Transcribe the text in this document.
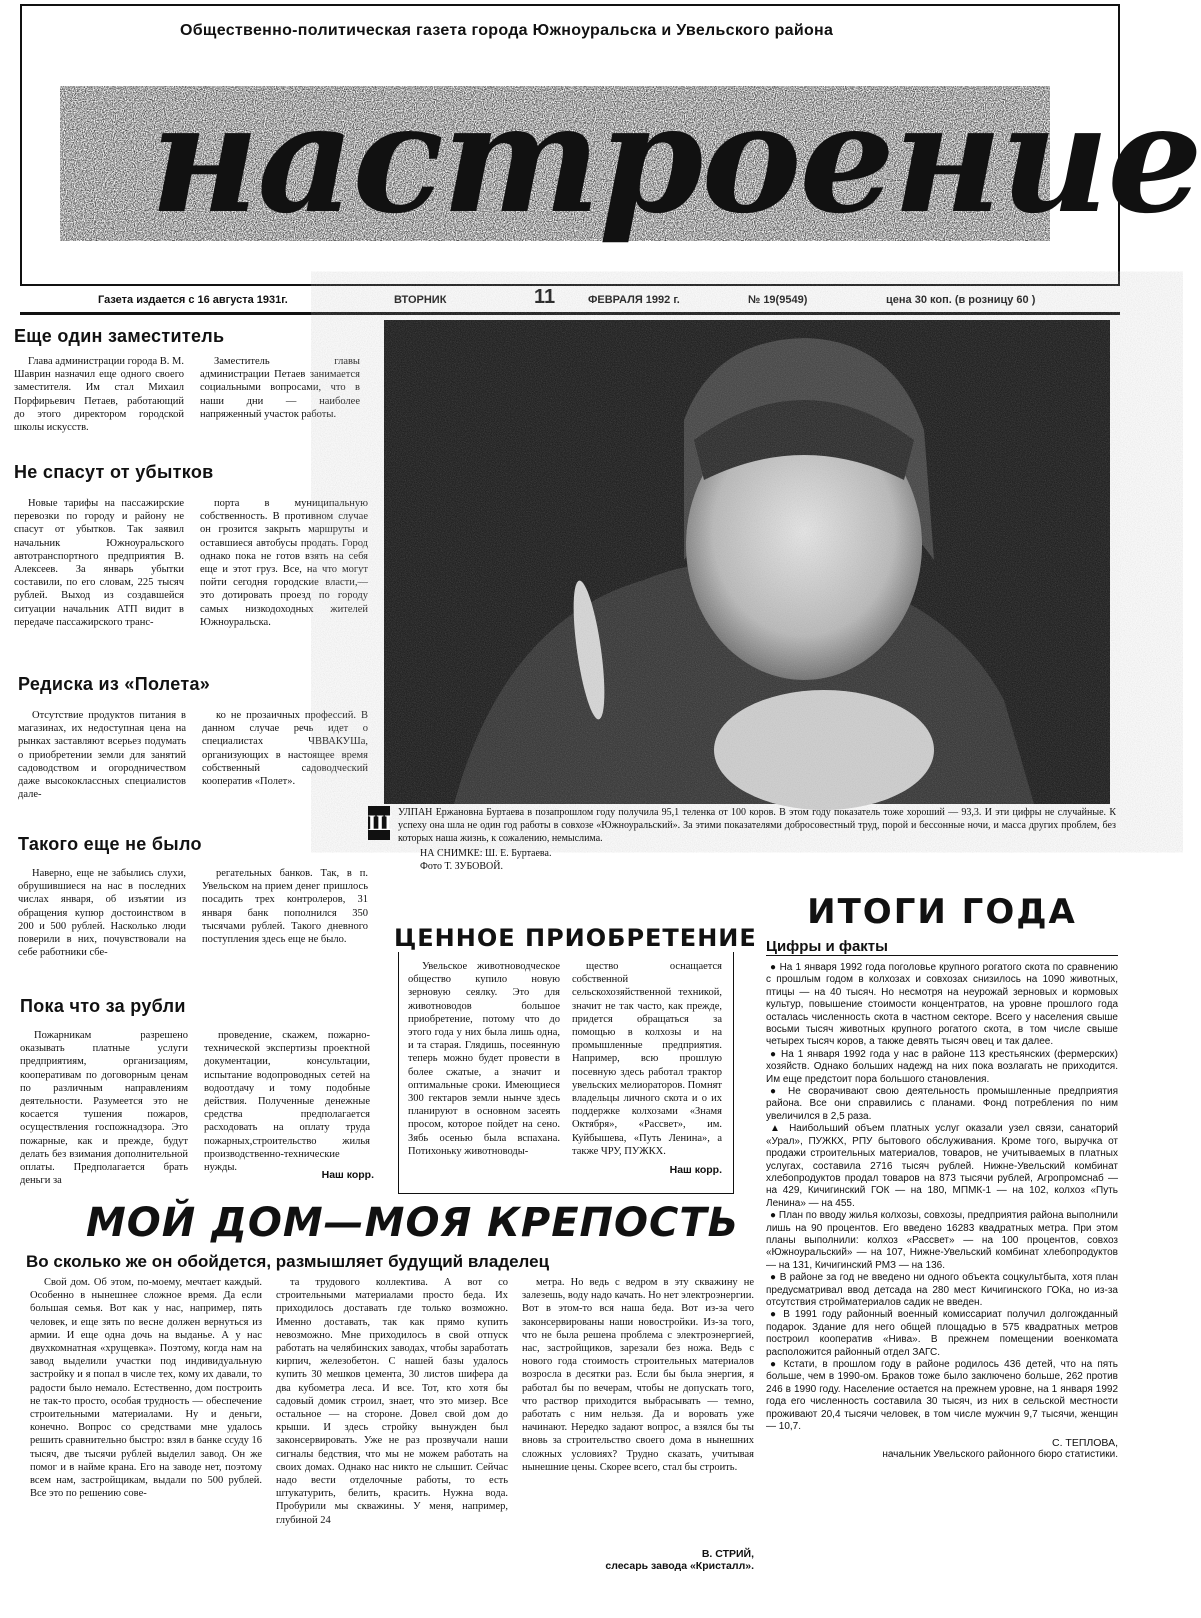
Общественно-политическая газета города Южноуральска и Увельского района
настроение
Газета издается с 16 августа 1931г.	ВТОРНИК	11	ФЕВРАЛЯ 1992 г.	№ 19(9549)	цена 30 коп. (в розницу 60 )
Еще один заместитель

Глава администрации города В. М. Шаврин назначил еще одного своего заместителя. Им стал Михаил Порфирьевич Петаев, работающий до этого директором городской школы искусств.

Заместитель главы администрации Петаев занимается социальными вопросами, что в наши дни — наиболее напряженный участок работы.

Не спасут от убытков

Новые тарифы на пассажирские перевозки по городу и району не спасут от убытков. Так заявил начальник Южноуральского автотранспортного предприятия В. Алексеев. За январь убытки составили, по его словам, 225 тысяч рублей. Выход из создавшейся ситуации начальник АТП видит в передаче пассажирского транс-

порта в муниципальную собственность. В противном случае он грозится закрыть маршруты и оставшиеся автобусы продать. Город однако пока не готов взять на себя еще и этот груз. Все, на что могут пойти сегодня городские власти,— это дотировать проезд по городу самых низкодоходных жителей Южноуральска.

Редиска из «Полета»

Отсутствие продуктов питания в магазинах, их недоступная цена на рынках заставляют всерьез подумать о приобретении земли для занятий садоводством и огородничеством даже высококлассных специалистов дале-

ко не прозаичных профессий. В данном случае речь идет о специалистах ЧВВАКУШа, организующих в настоящее время собственный садоводческий кооператив «Полет».

Такого еще не было

Наверно, еще не забылись слухи, обрушившиеся на нас в последних числах января, об изъятии из обращения купюр достоинством в 200 и 500 рублей. Насколько люди поверили в них, почувствовали на себе работники сбе-

регательных банков. Так, в п. Увельском на прием денег пришлось посадить трех контролеров, 31 января банк пополнился 350 тысячами рублей. Такого дневного поступления здесь еще не было.

Пока что за рубли

Пожарникам разрешено оказывать платные услуги предприятиям, организациям, кооперативам по договорным ценам по различным направлениям деятельности. Разумеется это не косается тушения пожаров, осуществления госпожнадзора. Это пожарные, как и прежде, будут делать без взимания дополнительной оплаты. Предполагается брать деньги за

проведение, скажем, пожарно-технической экспертизы проектной документации, консультации, испытание водопроводных сетей на водоотдачу и тому подобные действия. Полученные денежные средства предполагается расходовать на оплату труда пожарных,строительство жилья производственно-технические нужды.

Наш корр.
Ш УЛПАН Ержановна Буртаева в позапрошлом году получила 95,1 теленка от 100 коров. В этом году показатель тоже хороший — 93,3. И эти цифры не случайные. К успеху она шла не один год работы в совхозе «Южноуральский». За этими показателями добросовестный труд, порой и бессонные ночи, и масса других проблем, без которых наша жизнь, к сожалению, немыслима.
НА СНИМКЕ: Ш. Е. Буртаева.
Фото Т. ЗУБОВОЙ.
ЦЕННОЕ ПРИОБРЕТЕНИЕ

Увельское животноводческое общество купило новую зерновую сеялку. Это для животноводов большое приобретение, потому что до этого года у них была лишь одна, и та старая. Глядишь, посеянную теперь можно будет провести в более сжатые, а значит и оптимальные сроки. Имеющиеся 300 гектаров земли нынче здесь планируют в основном засеять просом, которое пойдет на сено. Зябь осенью была вспахана. Потихоньку животноводы-

щество оснащается собственной сельскохозяйственной техникой, значит не так часто, как прежде, придется обращаться за помощью в колхозы и на промышленные предприятия. Например, всю прошлую посевную здесь работал трактор увельских мелиораторов. Помнят владельцы личного скота и о их поддержке колхозами «Знамя Октября», «Рассвет», им. Куйбышева, «Путь Ленина», а также ЧРУ, ПУЖКХ.

Наш корр.
ИТОГИ ГОДА
Цифры и факты

● На 1 января 1992 года поголовье крупного рогатого скота по сравнению с прошлым годом в колхозах и совхозах снизилось на 1090 животных, птицы — на 40 тысяч. Но несмотря на неурожай зерновых и кормовых культур, повышение стоимости концентратов, на уровне прошлого года осталась численность скота в частном секторе. Всего у населения свыше восьми тысяч животных крупного рогатого скота, в том числе свыше четырех тысяч коров, а также девять тысяч овец и так далее.

● На 1 января 1992 года у нас в районе 113 крестьянских (фермерских) хозяйств. Однако больших надежд на них пока возлагать не приходится. Им еще предстоит пора большого становления.

● Не сворачивают свою деятельность промышленные предприятия района. Все они справились с планами. Фонд потребления по ним увеличился в 2,5 раза.

▲ Наибольший объем платных услуг оказали узел связи, санаторий «Урал», ПУЖКХ, РПУ бытового обслуживания. Кроме того, выручка от продажи строительных материалов, товаров, не учитываемых в платных услугах, составила 2716 тысяч рублей. Нижне-Увельский комбинат хлебопродуктов продал товаров на 873 тысячи рублей, Агропромснаб — на 429, Кичигинский ГОК — на 180, МПМК-1 — на 102, колхоз «Путь Ленина» — на 455.

● План по вводу жилья колхозы, совхозы, предприятия района выполнили лишь на 90 процентов. Его введено 16283 квадратных метра. При этом планы выполнили: колхоз «Рассвет» — на 100 процентов, совхоз «Южноуральский» — на 107, Нижне-Увельский комбинат хлебопродуктов — на 131, Кичигинский РМЗ — на 136.

● В районе за год не введено ни одного объекта соцкультбыта, хотя план предусматривал ввод детсада на 280 мест Кичигинского ГОКа, но из-за отсутствия стройматериалов садик не введен.

● В 1991 году районный военный комиссариат получил долгожданный подарок. Здание для него общей площадью в 575 квадратных метров построил кооператив «Нива». В прежнем помещении военкомата расположится районный отдел ЗАГС.

● Кстати, в прошлом году в районе родилось 436 детей, что на пять больше, чем в 1990-ом. Браков тоже было заключено больше, 262 против 246 в 1990 году. Население остается на прежнем уровне, на 1 января 1992 года его численность составила 30 тысяч, из них в сельской местности проживают 20,4 тысячи человек, в том числе мужчин 9,7 тысячи, женщин — 10,7.

С. ТЕПЛОВА,
начальник Увельского районного бюро статистики.
МОЙ ДОМ—МОЯ КРЕПОСТЬ
Во сколько же он обойдется, размышляет будущий владелец

Свой дом. Об этом, по-моему, мечтает каждый. Особенно в нынешнее сложное время. Да если большая семья. Вот как у нас, например, пять человек, и еще зять по весне должен вернуться из армии. И еще одна дочь на выданье. А у нас двухкомнатная «хрущевка». Поэтому, когда нам на завод выделили участки под индивидуальную застройку и я попал в числе тех, кому их давали, то радости было немало. Естественно, дом построить не так-то просто, особая трудность — обеспечение строительными материалами. Ну и деньги, конечно. Вопрос со средствами мне удалось решить сравнительно быстро: взял в банке ссуду 16 тысяч, две тысячи рублей выделил завод. Он же помог и в найме крана. Его на заводе нет, поэтому всем нам, застройщикам, выдали по 500 рублей. Все это по решению сове-

та трудового коллектива. А вот со строительными материалами просто беда. Их приходилось доставать где только возможно. Именно доставать, так как прямо купить невозможно. Мне приходилось в свой отпуск работать на челябинских заводах, чтобы заработать кирпич, железобетон. С нашей базы удалось купить 30 мешков цемента, 30 листов шифера да два кубометра леса. И все. Тот, кто хотя бы садовый домик строил, знает, что это мизер. Все остальное — на стороне. Довел свой дом до крыши. И здесь стройку вынужден был законсервировать. Уже не раз прозвучали наши сигналы бедствия, что мы не можем работать на своих домах. Однако нас никто не слышит. Сейчас надо вести отделочные работы, то есть штукатурить, белить, красить. Нужна вода. Пробурили мы скважины. У меня, например, глубиной 24

метра. Но ведь с ведром в эту скважину не залезешь, воду надо качать. Но нет электроэнергии. Вот в этом-то вся наша беда. Вот из-за чего законсервированы наши новостройки. Из-за того, что не была решена проблема с электроэнергией, нас, застройщиков, зарезали без ножа. Ведь с нового года стоимость строительных материалов возросла в десятки раз. Если бы была энергия, я работал бы по вечерам, чтобы не допускать того, что раствор приходится выбрасывать — темно, работать с ним нельзя. Да и воровать уже начинают. Нередко задают вопрос, а взялся бы ты вновь за строительство своего дома в нынешних сложных условиях? Трудно сказать, учитывая нынешние цены. Скорее всего, стал бы строить.

В. СТРИЙ,
слесарь завода «Кристалл».
